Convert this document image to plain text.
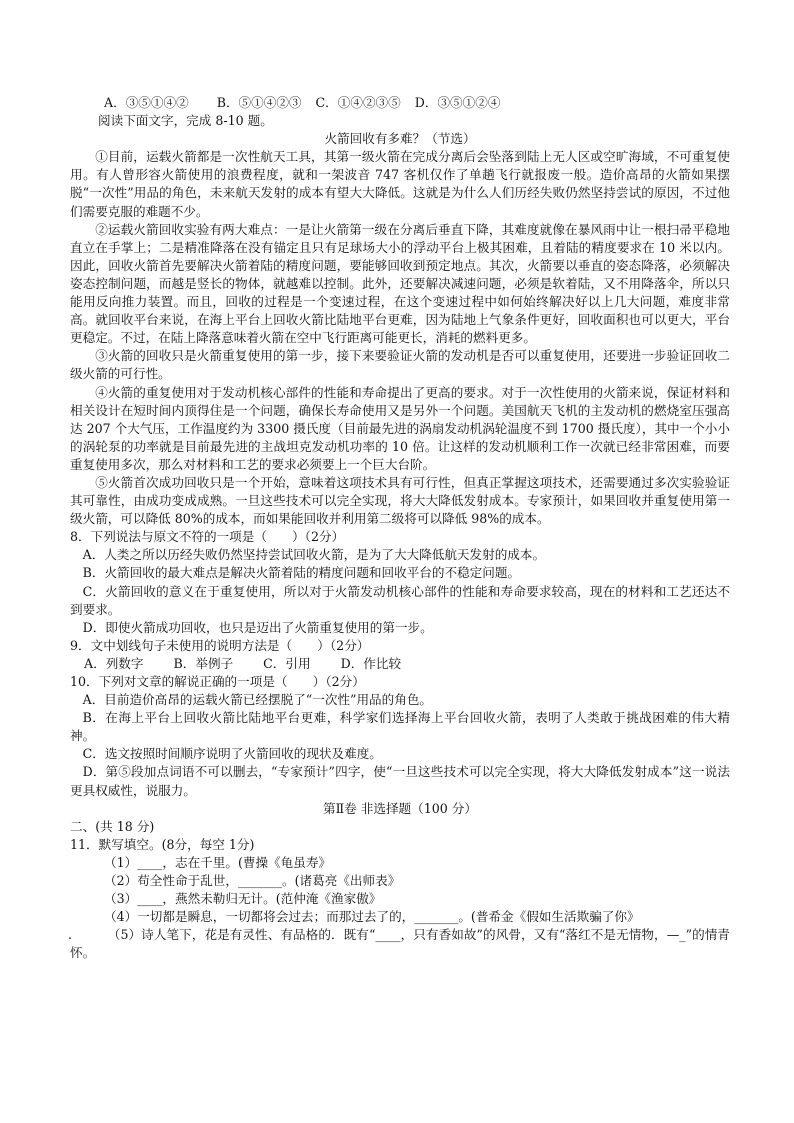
A．③⑤①④② B．⑤①④②③ C．①④②③⑤ D．③⑤①②④
阅读下面文字，完成 8-10 题。
火箭回收有多难？（节选）

①目前，运载火箭都是一次性航天工具，其第一级火箭在完成分离后会坠落到陆上无人区或空旷海域，不可重复使用。有人曾形容火箭使用的浪费程度，就和一架波音 747 客机仅作了单趟飞行就报废一般。造价高昂的火箭如果摆脱“一次性”用品的角色，未来航天发射的成本有望大大降低。这就是为什么人们历经失败仍然坚持尝试的原因，不过他们需要克服的难题不少。

②运载火箭回收实验有两大难点：一是让火箭第一级在分离后垂直下降，其难度就像在暴风雨中让一根扫帚平稳地直立在手掌上；二是精准降落在没有锚定且只有足球场大小的浮动平台上极其困难，且着陆的精度要求在 10 米以内。因此，回收火箭首先要解决火箭着陆的精度问题，要能够回收到预定地点。其次，火箭要以垂直的姿态降落，必须解决姿态控制问题，而越是竖长的物体，就越难以控制。此外，还要解决减速问题，必须是软着陆，又不用降落伞，所以只能用反向推力装置。而且，回收的过程是一个变速过程，在这个变速过程中如何始终解决好以上几大问题，难度非常高。就回收平台来说，在海上平台上回收火箭比陆地平台更难，因为陆地上气象条件更好，回收面积也可以更大，平台更稳定。不过，在陆上降落意味着火箭在空中飞行距离可能更长，消耗的燃料更多。

③火箭的回收只是火箭重复使用的第一步，接下来要验证火箭的发动机是否可以重复使用，还要进一步验证回收二级火箭的可行性。

④火箭的重复使用对于发动机核心部件的性能和寿命提出了更高的要求。对于一次性使用的火箭来说，保证材料和相关设计在短时间内顶得住是一个问题，确保长寿命使用又是另外一个问题。美国航天飞机的主发动机的燃烧室压强高达 207 个大气压，工作温度约为 3300 摄氏度（目前最先进的涡扇发动机涡轮温度不到 1700 摄氏度），其中一个小小的涡轮泵的功率就是目前最先进的主战坦克发动机功率的 10 倍。让这样的发动机顺利工作一次就已经非常困难，而要重复使用多次，那么对材料和工艺的要求必须要上一个巨大台阶。

⑤火箭首次成功回收只是一个开始，意味着这项技术具有可行性，但真正掌握这项技术，还需要通过多次实验验证其可靠性，由成功变成成熟。一旦这些技术可以完全实现，将大大降低发射成本。专家预计，如果回收并重复使用第一级火箭，可以降低 80%的成本，而如果能回收并利用第二级将可以降低 98%的成本。

8．下列说法与原文不符的一项是（　　）（2分）

A．人类之所以历经失败仍然坚持尝试回收火箭，是为了大大降低航天发射的成本。

B．火箭回收的最大难点是解决火箭着陆的精度问题和回收平台的不稳定问题。

C．火箭回收的意义在于重复使用，所以对于火箭发动机核心部件的性能和寿命要求较高，现在的材料和工艺还达不到要求。

D．即使火箭成功回收，也只是迈出了火箭重复使用的第一步。

9．文中划线句子未使用的说明方法是（　　）（2分）
A．列数字 B．举例子 C．引用 D．作比较
10．下列对文章的解说正确的一项是（　　）（2分）

A．目前造价高昂的运载火箭已经摆脱了“一次性”用品的角色。

B．在海上平台上回收火箭比陆地平台更难，科学家们选择海上平台回收火箭，表明了人类敢于挑战困难的伟大精神。

C．选文按照时间顺序说明了火箭回收的现状及难度。

D．第⑤段加点词语不可以删去，“专家预计”四字，使“一旦这些技术可以完全实现，将大大降低发射成本”这一说法更具权威性，说服力。

第Ⅱ卷 非选择题（100 分）
二、(共 18 分)
11．默写填空。(8分，每空 1分)
（1）____，志在千里。(曹操《龟虽寿》
（2）苟全性命于乱世，_______。(诸葛亮《出师表》
（3）____，燕然未勒归无计。(范仲淹《渔家傲》
（4）一切都是瞬息，一切都将会过去；而那过去了的，_______。(普希金《假如生活欺骗了你》
.	（5）诗人笔下，花是有灵性、有品格的．既有“____，只有香如故”的风骨，又有“落红不是无情物，—_”的情青怀。
